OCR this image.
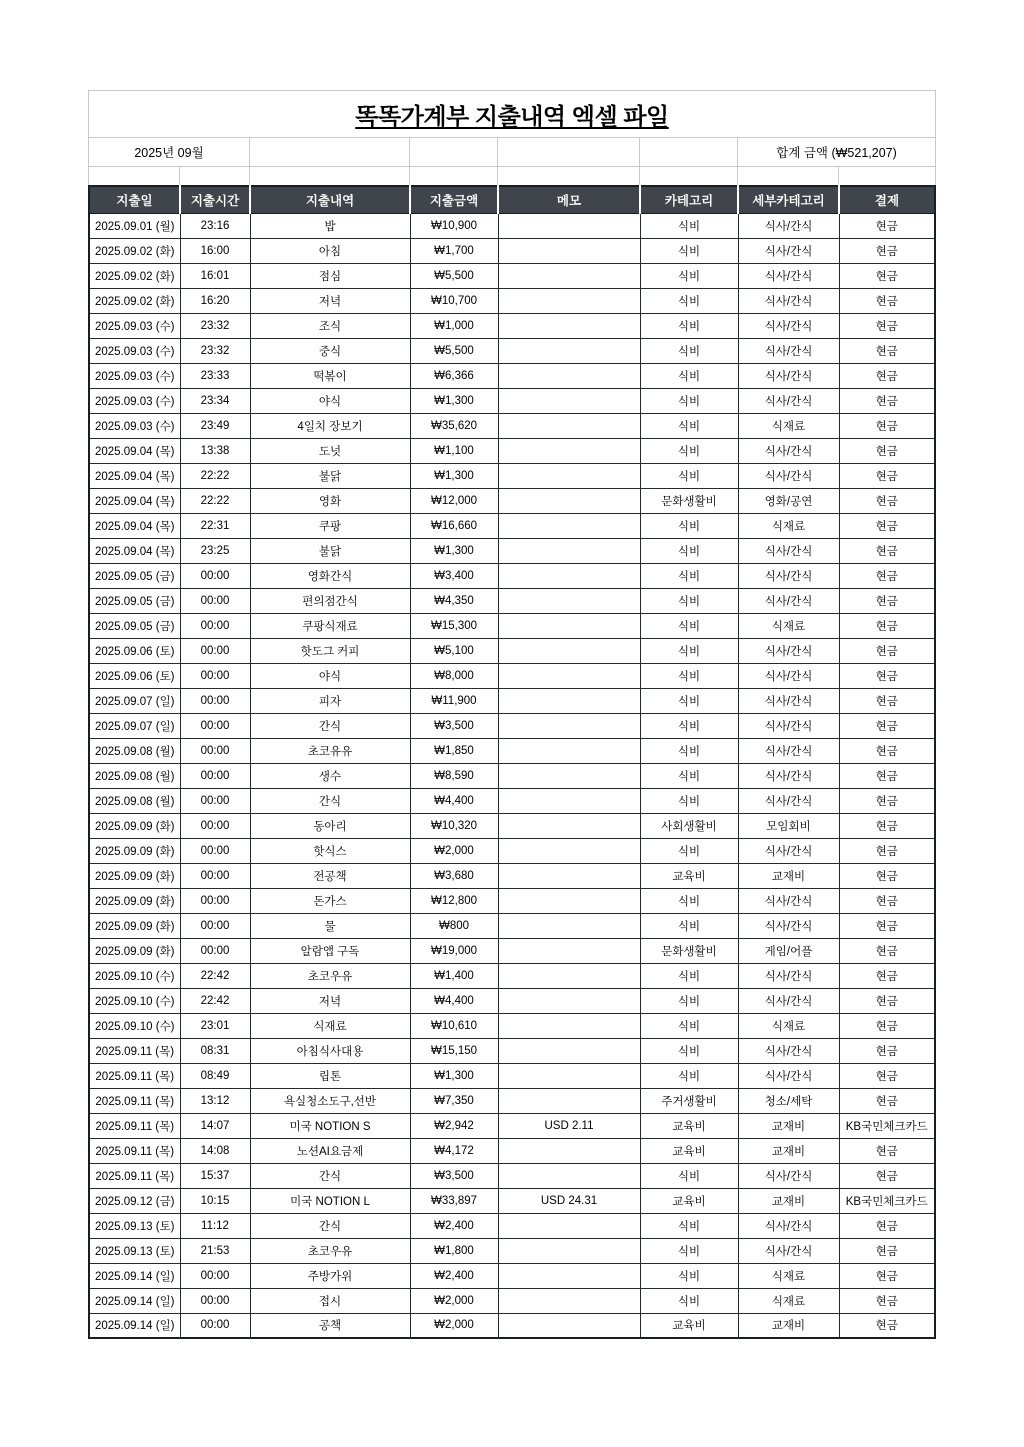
똑똑가계부 지출내역 엑셀 파일
2025년 09월	합계 금액 (₩521,207)
지출일	지출시간	지출내역	지출금액	메모	카테고리	세부카테고리	결제
2025.09.01 (월)	23:16	밥	₩10,900		식비	식사/간식	현금
2025.09.02 (화)	16:00	아침	₩1,700		식비	식사/간식	현금
2025.09.02 (화)	16:01	점심	₩5,500		식비	식사/간식	현금
2025.09.02 (화)	16:20	저녁	₩10,700		식비	식사/간식	현금
2025.09.03 (수)	23:32	조식	₩1,000		식비	식사/간식	현금
2025.09.03 (수)	23:32	중식	₩5,500		식비	식사/간식	현금
2025.09.03 (수)	23:33	떡볶이	₩6,366		식비	식사/간식	현금
2025.09.03 (수)	23:34	야식	₩1,300		식비	식사/간식	현금
2025.09.03 (수)	23:49	4일치 장보기	₩35,620		식비	식재료	현금
2025.09.04 (목)	13:38	도넛	₩1,100		식비	식사/간식	현금
2025.09.04 (목)	22:22	불닭	₩1,300		식비	식사/간식	현금
2025.09.04 (목)	22:22	영화	₩12,000		문화생활비	영화/공연	현금
2025.09.04 (목)	22:31	쿠팡	₩16,660		식비	식재료	현금
2025.09.04 (목)	23:25	불닭	₩1,300		식비	식사/간식	현금
2025.09.05 (금)	00:00	영화간식	₩3,400		식비	식사/간식	현금
2025.09.05 (금)	00:00	편의점간식	₩4,350		식비	식사/간식	현금
2025.09.05 (금)	00:00	쿠팡식재료	₩15,300		식비	식재료	현금
2025.09.06 (토)	00:00	핫도그 커피	₩5,100		식비	식사/간식	현금
2025.09.06 (토)	00:00	야식	₩8,000		식비	식사/간식	현금
2025.09.07 (일)	00:00	피자	₩11,900		식비	식사/간식	현금
2025.09.07 (일)	00:00	간식	₩3,500		식비	식사/간식	현금
2025.09.08 (월)	00:00	초코유유	₩1,850		식비	식사/간식	현금
2025.09.08 (월)	00:00	생수	₩8,590		식비	식사/간식	현금
2025.09.08 (월)	00:00	간식	₩4,400		식비	식사/간식	현금
2025.09.09 (화)	00:00	동아리	₩10,320		사회생활비	모임회비	현금
2025.09.09 (화)	00:00	핫식스	₩2,000		식비	식사/간식	현금
2025.09.09 (화)	00:00	전공책	₩3,680		교육비	교재비	현금
2025.09.09 (화)	00:00	돈가스	₩12,800		식비	식사/간식	현금
2025.09.09 (화)	00:00	물	₩800		식비	식사/간식	현금
2025.09.09 (화)	00:00	알람앱 구독	₩19,000		문화생활비	게임/어플	현금
2025.09.10 (수)	22:42	초코우유	₩1,400		식비	식사/간식	현금
2025.09.10 (수)	22:42	저녁	₩4,400		식비	식사/간식	현금
2025.09.10 (수)	23:01	식재료	₩10,610		식비	식재료	현금
2025.09.11 (목)	08:31	아침식사대용	₩15,150		식비	식사/간식	현금
2025.09.11 (목)	08:49	립톤	₩1,300		식비	식사/간식	현금
2025.09.11 (목)	13:12	욕실청소도구,선반	₩7,350		주거생활비	청소/세탁	현금
2025.09.11 (목)	14:07	미국 NOTION S	₩2,942	USD 2.11	교육비	교재비	KB국민체크카드
2025.09.11 (목)	14:08	노션AI요금제	₩4,172		교육비	교재비	현금
2025.09.11 (목)	15:37	간식	₩3,500		식비	식사/간식	현금
2025.09.12 (금)	10:15	미국 NOTION L	₩33,897	USD 24.31	교육비	교재비	KB국민체크카드
2025.09.13 (토)	11:12	간식	₩2,400		식비	식사/간식	현금
2025.09.13 (토)	21:53	초코우유	₩1,800		식비	식사/간식	현금
2025.09.14 (일)	00:00	주방가위	₩2,400		식비	식재료	현금
2025.09.14 (일)	00:00	접시	₩2,000		식비	식재료	현금
2025.09.14 (일)	00:00	공책	₩2,000		교육비	교재비	현금
